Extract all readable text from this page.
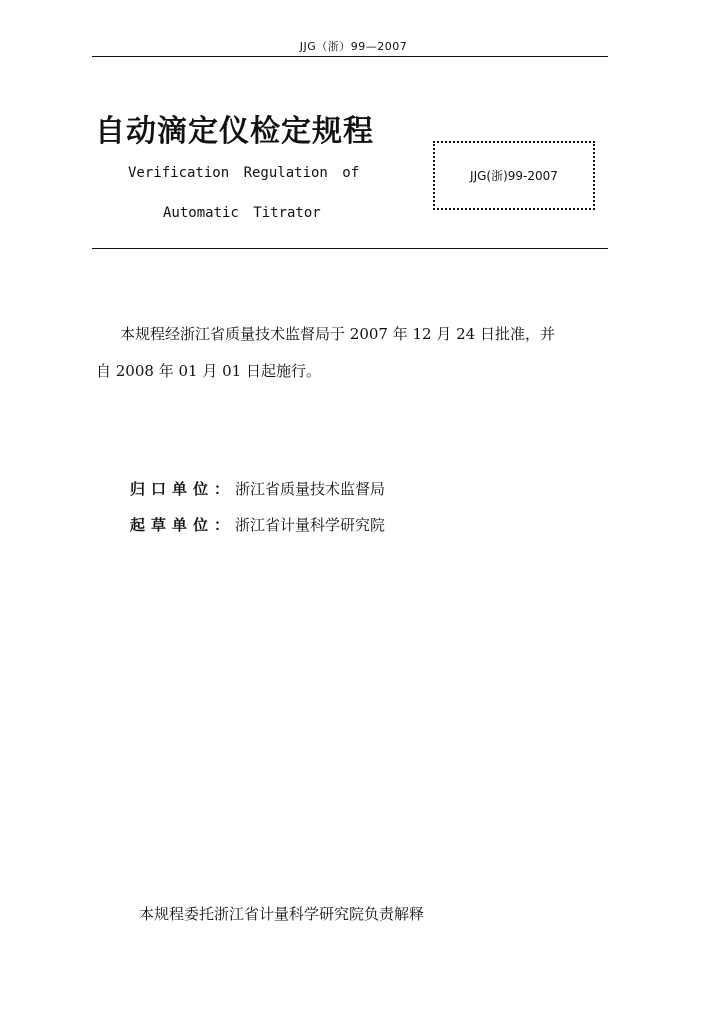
JJG（浙）99—2007
自动滴定仪检定规程
Verification Regulation of
Automatic Titrator
JJG(浙)99-2007

本规程经浙江省质量技术监督局于 2007 年 12 月 24 日批准，并

自 2008 年 01 月 01 日起施行。

归口单位：浙江省质量技术监督局
起草单位：浙江省计量科学研究院
本规程委托浙江省计量科学研究院负责解释
